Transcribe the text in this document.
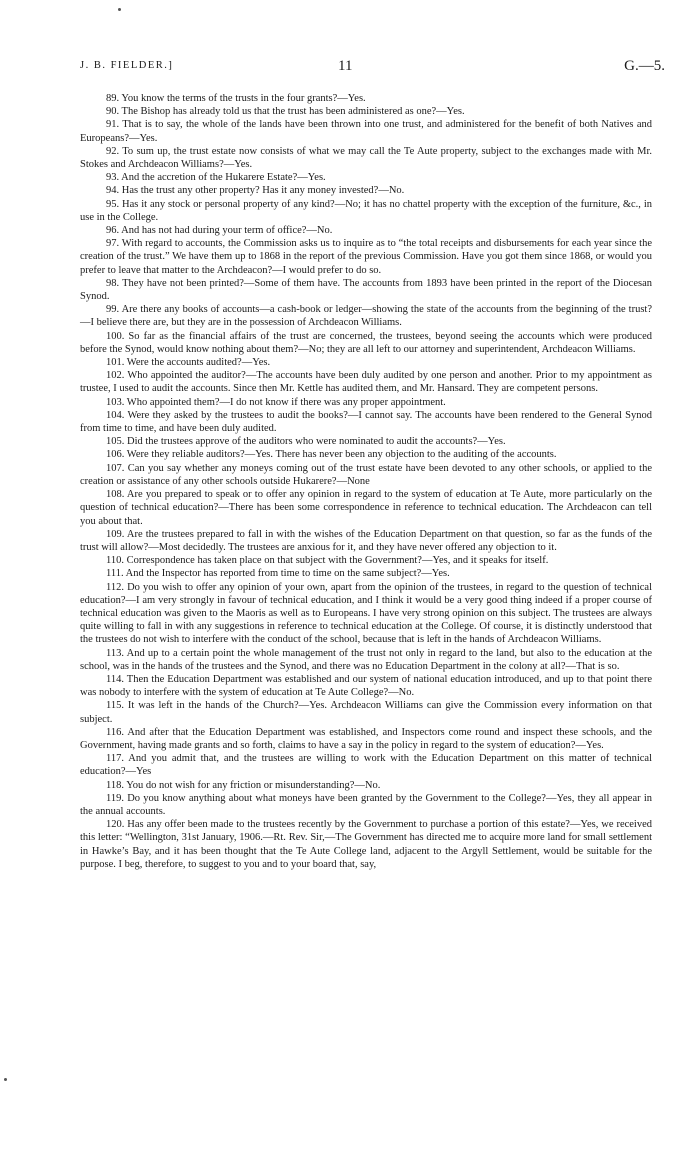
J. B. FIELDER.]	11	G.—5.

89. You know the terms of the trusts in the four grants?—Yes.

90. The Bishop has already told us that the trust has been administered as one?—Yes.

91. That is to say, the whole of the lands have been thrown into one trust, and administered for the benefit of both Natives and Europeans?—Yes.

92. To sum up, the trust estate now consists of what we may call the Te Aute property, subject to the exchanges made with Mr. Stokes and Archdeacon Williams?—Yes.

93. And the accretion of the Hukarere Estate?—Yes.

94. Has the trust any other property? Has it any money invested?—No.

95. Has it any stock or personal property of any kind?—No; it has no chattel property with the exception of the furniture, &c., in use in the College.

96. And has not had during your term of office?—No.

97. With regard to accounts, the Commission asks us to inquire as to “the total receipts and disbursements for each year since the creation of the trust.” We have them up to 1868 in the report of the previous Commission. Have you got them since 1868, or would you prefer to leave that matter to the Archdeacon?—I would prefer to do so.

98. They have not been printed?—Some of them have. The accounts from 1893 have been printed in the report of the Diocesan Synod.

99. Are there any books of accounts—a cash-book or ledger—showing the state of the accounts from the beginning of the trust?—I believe there are, but they are in the possession of Archdeacon Williams.

100. So far as the financial affairs of the trust are concerned, the trustees, beyond seeing the accounts which were produced before the Synod, would know nothing about them?—No; they are all left to our attorney and superintendent, Archdeacon Williams.

101. Were the accounts audited?—Yes.

102. Who appointed the auditor?—The accounts have been duly audited by one person and another. Prior to my appointment as trustee, I used to audit the accounts. Since then Mr. Kettle has audited them, and Mr. Hansard. They are competent persons.

103. Who appointed them?—I do not know if there was any proper appointment.

104. Were they asked by the trustees to audit the books?—I cannot say. The accounts have been rendered to the General Synod from time to time, and have been duly audited.

105. Did the trustees approve of the auditors who were nominated to audit the accounts?—Yes.

106. Were they reliable auditors?—Yes. There has never been any objection to the auditing of the accounts.

107. Can you say whether any moneys coming out of the trust estate have been devoted to any other schools, or applied to the creation or assistance of any other schools outside Hukarere?—None

108. Are you prepared to speak or to offer any opinion in regard to the system of education at Te Aute, more particularly on the question of technical education?—There has been some correspondence in reference to technical education. The Archdeacon can tell you about that.

109. Are the trustees prepared to fall in with the wishes of the Education Department on that question, so far as the funds of the trust will allow?—Most decidedly. The trustees are anxious for it, and they have never offered any objection to it.

110. Correspondence has taken place on that subject with the Government?—Yes, and it speaks for itself.

111. And the Inspector has reported from time to time on the same subject?—Yes.

112. Do you wish to offer any opinion of your own, apart from the opinion of the trustees, in regard to the question of technical education?—I am very strongly in favour of technical education, and I think it would be a very good thing indeed if a proper course of technical education was given to the Maoris as well as to Europeans. I have very strong opinion on this subject. The trustees are always quite willing to fall in with any suggestions in reference to technical education at the College. Of course, it is distinctly understood that the trustees do not wish to interfere with the conduct of the school, because that is left in the hands of Archdeacon Williams.

113. And up to a certain point the whole management of the trust not only in regard to the land, but also to the education at the school, was in the hands of the trustees and the Synod, and there was no Education Department in the colony at all?—That is so.

114. Then the Education Department was established and our system of national education introduced, and up to that point there was nobody to interfere with the system of education at Te Aute College?—No.

115. It was left in the hands of the Church?—Yes. Archdeacon Williams can give the Commission every information on that subject.

116. And after that the Education Department was established, and Inspectors come round and inspect these schools, and the Government, having made grants and so forth, claims to have a say in the policy in regard to the system of education?—Yes.

117. And you admit that, and the trustees are willing to work with the Education Department on this matter of technical education?—Yes

118. You do not wish for any friction or misunderstanding?—No.

119. Do you know anything about what moneys have been granted by the Government to the College?—Yes, they all appear in the annual accounts.

120. Has any offer been made to the trustees recently by the Government to purchase a portion of this estate?—Yes, we received this letter: “Wellington, 31st January, 1906.—Rt. Rev. Sir,—The Government has directed me to acquire more land for small settlement in Hawke’s Bay, and it has been thought that the Te Aute College land, adjacent to the Argyll Settlement, would be suitable for the purpose. I beg, therefore, to suggest to you and to your board that, say,
